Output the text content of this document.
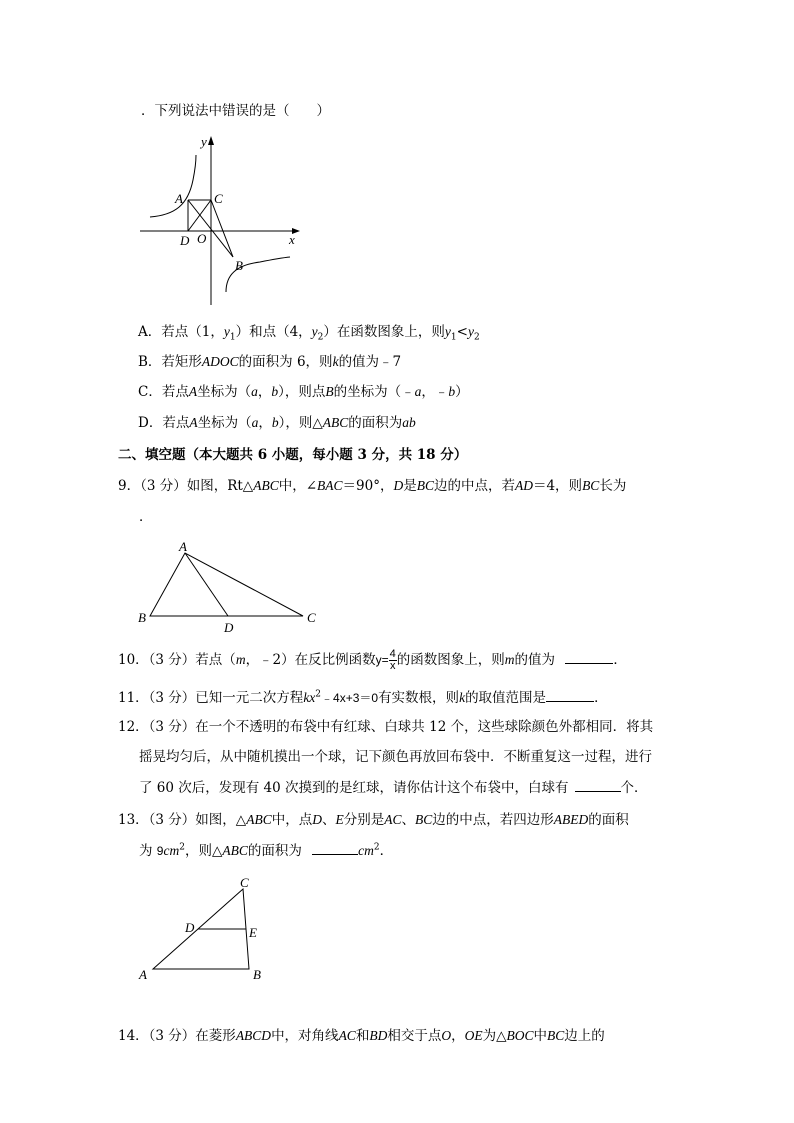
．下列说法中错误的是（　　）
y
x
A C
D O
B
A．若点（1，$y_1$）和点（4，$y_2$）在函数图象上，则$y_1<y_2$
B．若矩形ADOC的面积为 6，则k的值为﹣7
C．若点A坐标为（a，b），则点B的坐标为（﹣a，﹣b）
D．若点A坐标为（a，b），则△ABC的面积为ab
二、填空题（本大题共 6 小题，每小题 3 分，共 18 分）
9．（3 分）如图，Rt△ABC中，∠BAC＝90°，D是BC边的中点，若AD＝4，则BC长为
．
A
B
D
C
10．（3 分）若点（m，﹣2）在反比例函数$y= \frac{4}{x}$ 的函数图象上，则m的值为	．
11．（3 分）已知一元二次方程$kx^2﹣4x+3=0$有实数根，则k的取值范围是	．
12．（3 分）在一个不透明的布袋中有红球、白球共 12 个，这些球除颜色外都相同．将其
摇晃均匀后，从中随机摸出一个球，记下颜色再放回布袋中．不断重复这一过程，进行
了 60 次后，发现有 40 次摸到的是红球，请你估计这个布袋中，白球有	个．
13．（3 分）如图，△ABC中，点D、E分别是AC、BC边的中点，若四边形ABED的面积
为 $9cm^2$，则△ABC的面积为	$cm^2$．
C
D	E
A	B
14．（3 分）在菱形ABCD中，对角线AC和BD相交于点O，OE为△BOC中BC边上的
